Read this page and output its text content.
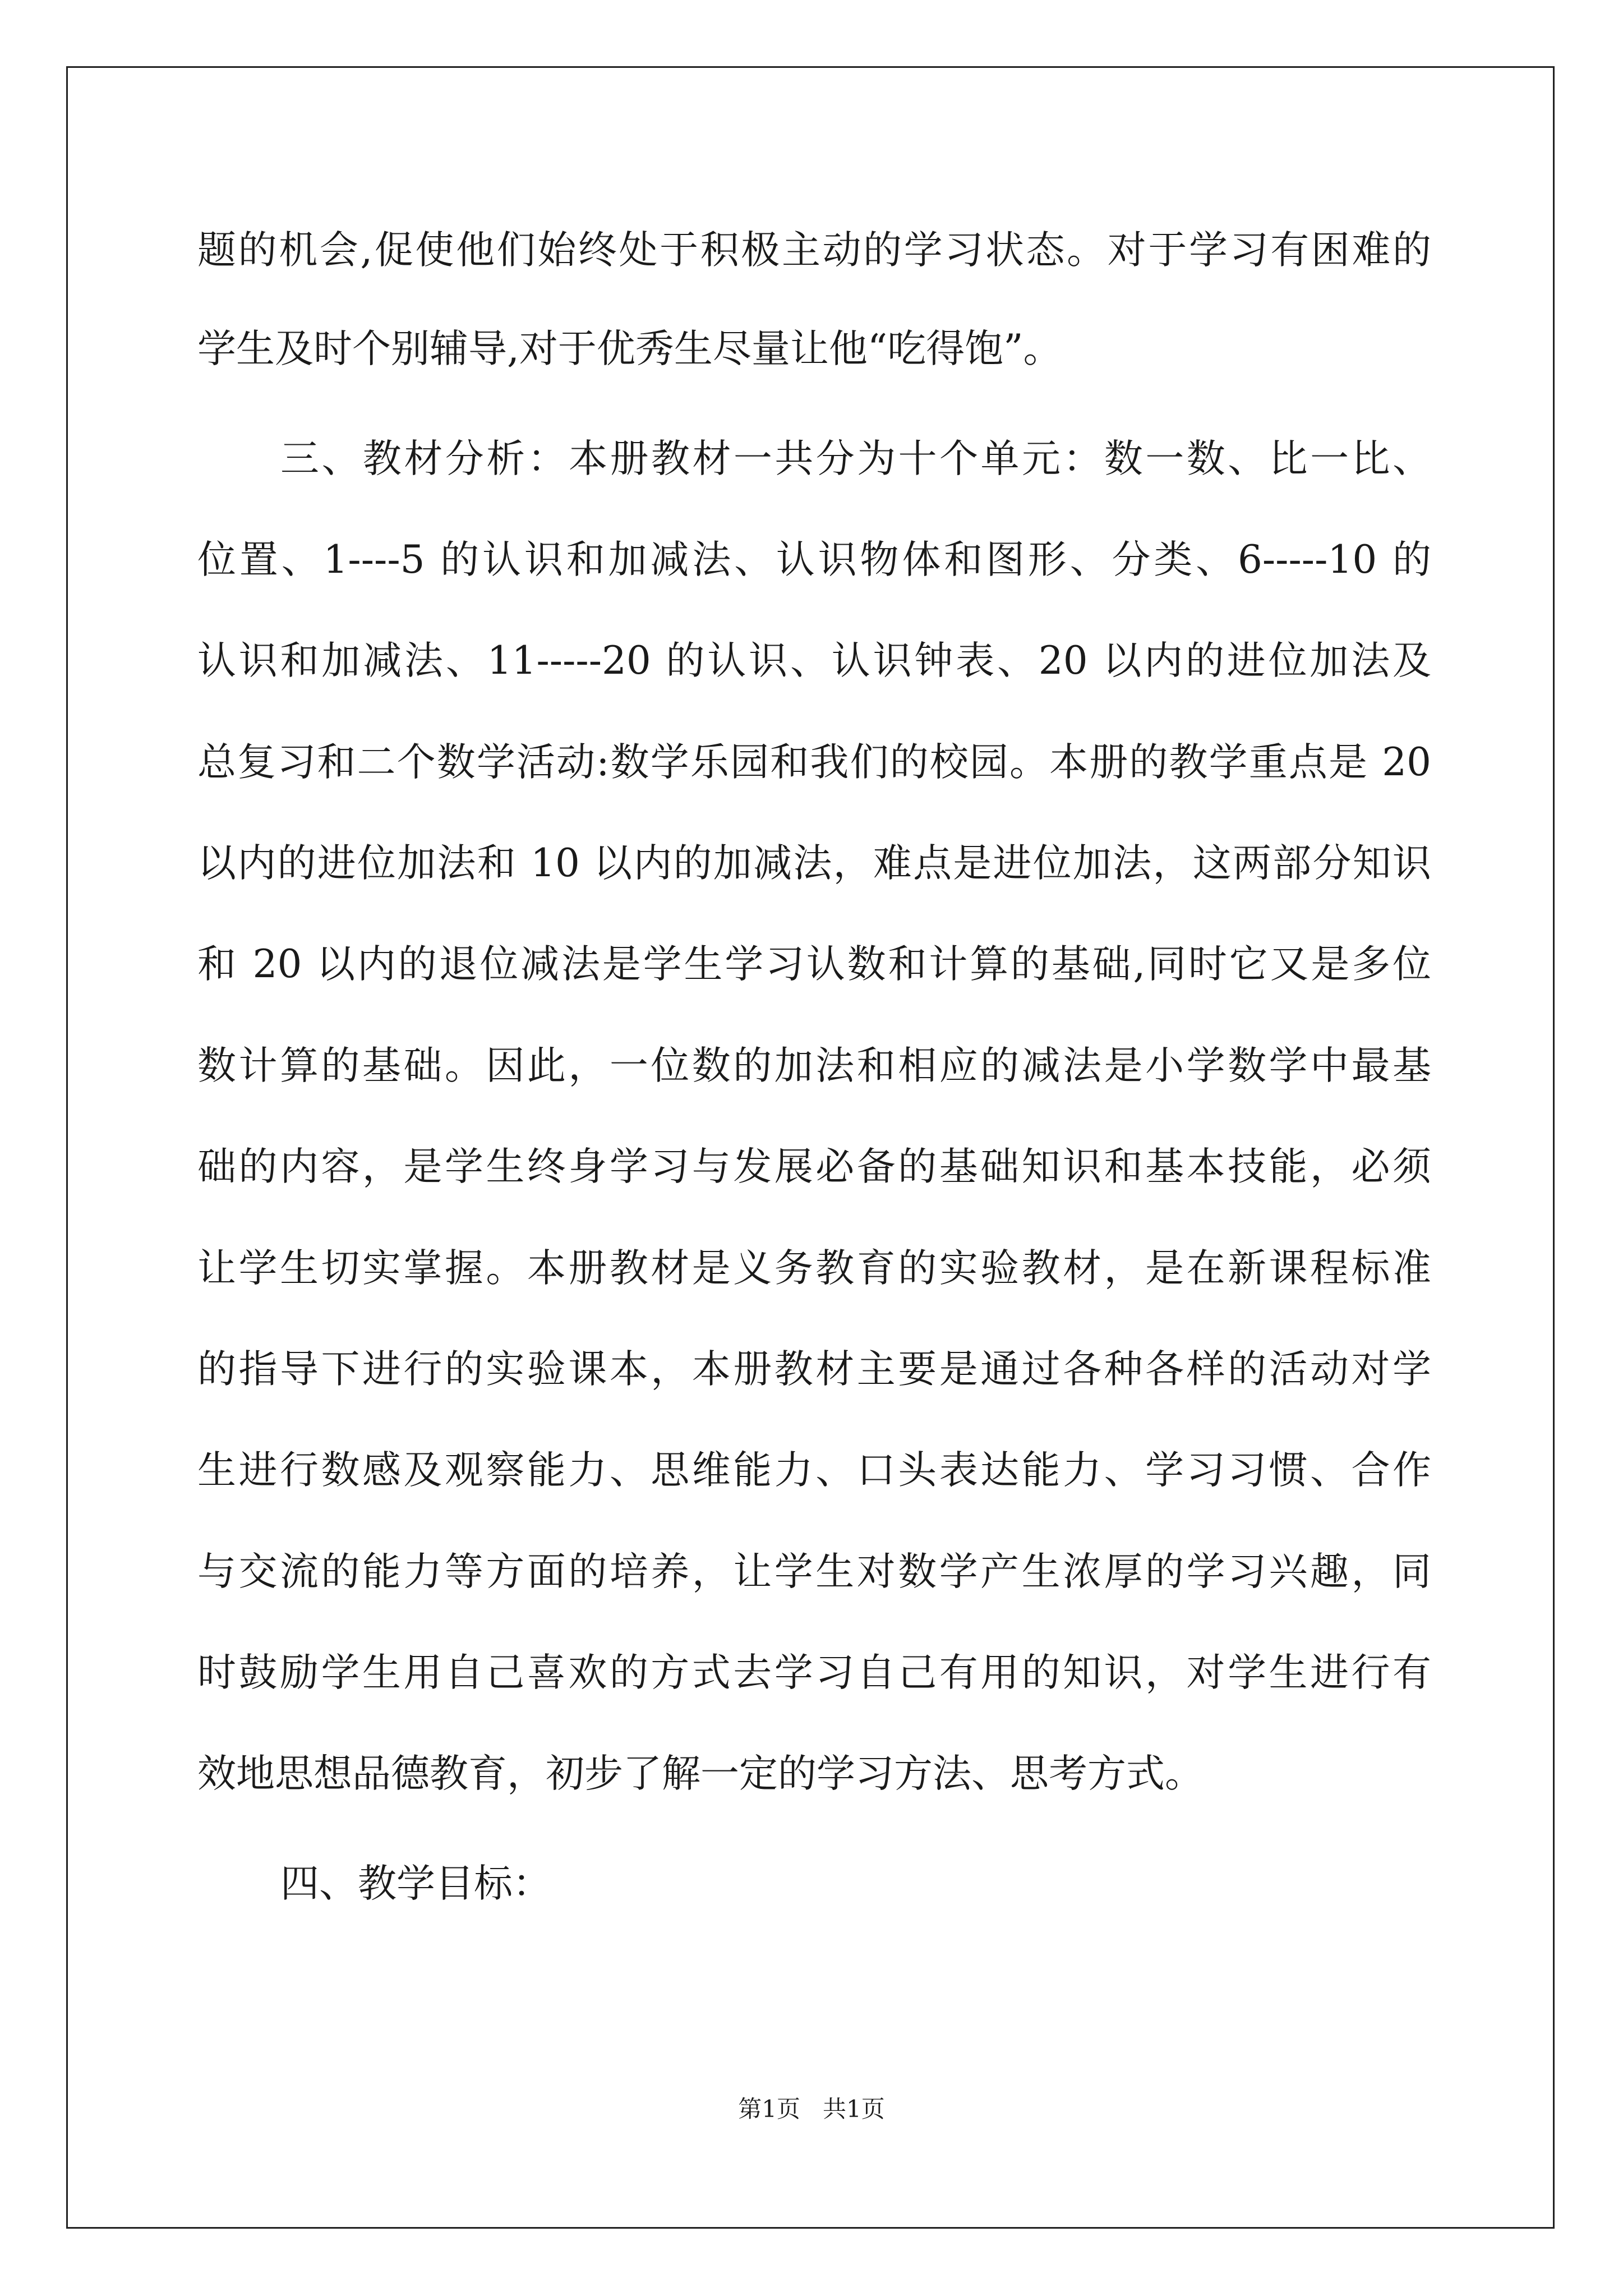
题的机会,促使他们始终处于积极主动的学习状态。对于学习有困难的
学生及时个别辅导,对于优秀生尽量让他“吃得饱”。
三、教材分析：本册教材一共分为十个单元：数一数、比一比、
位置、1----5 的认识和加减法、认识物体和图形、分类、6-----10 的
认识和加减法、11-----20 的认识、认识钟表、20 以内的进位加法及
总复习和二个数学活动:数学乐园和我们的校园。本册的教学重点是 20
以内的进位加法和 10 以内的加减法，难点是进位加法，这两部分知识
和 20 以内的退位减法是学生学习认数和计算的基础,同时它又是多位
数计算的基础。因此，一位数的加法和相应的减法是小学数学中最基
础的内容，是学生终身学习与发展必备的基础知识和基本技能，必须
让学生切实掌握。本册教材是义务教育的实验教材，是在新课程标准
的指导下进行的实验课本，本册教材主要是通过各种各样的活动对学
生进行数感及观察能力、思维能力、口头表达能力、学习习惯、合作
与交流的能力等方面的培养，让学生对数学产生浓厚的学习兴趣，同
时鼓励学生用自己喜欢的方式去学习自己有用的知识，对学生进行有
效地思想品德教育，初步了解一定的学习方法、思考方式。
四、教学目标：
第1页   共1页
